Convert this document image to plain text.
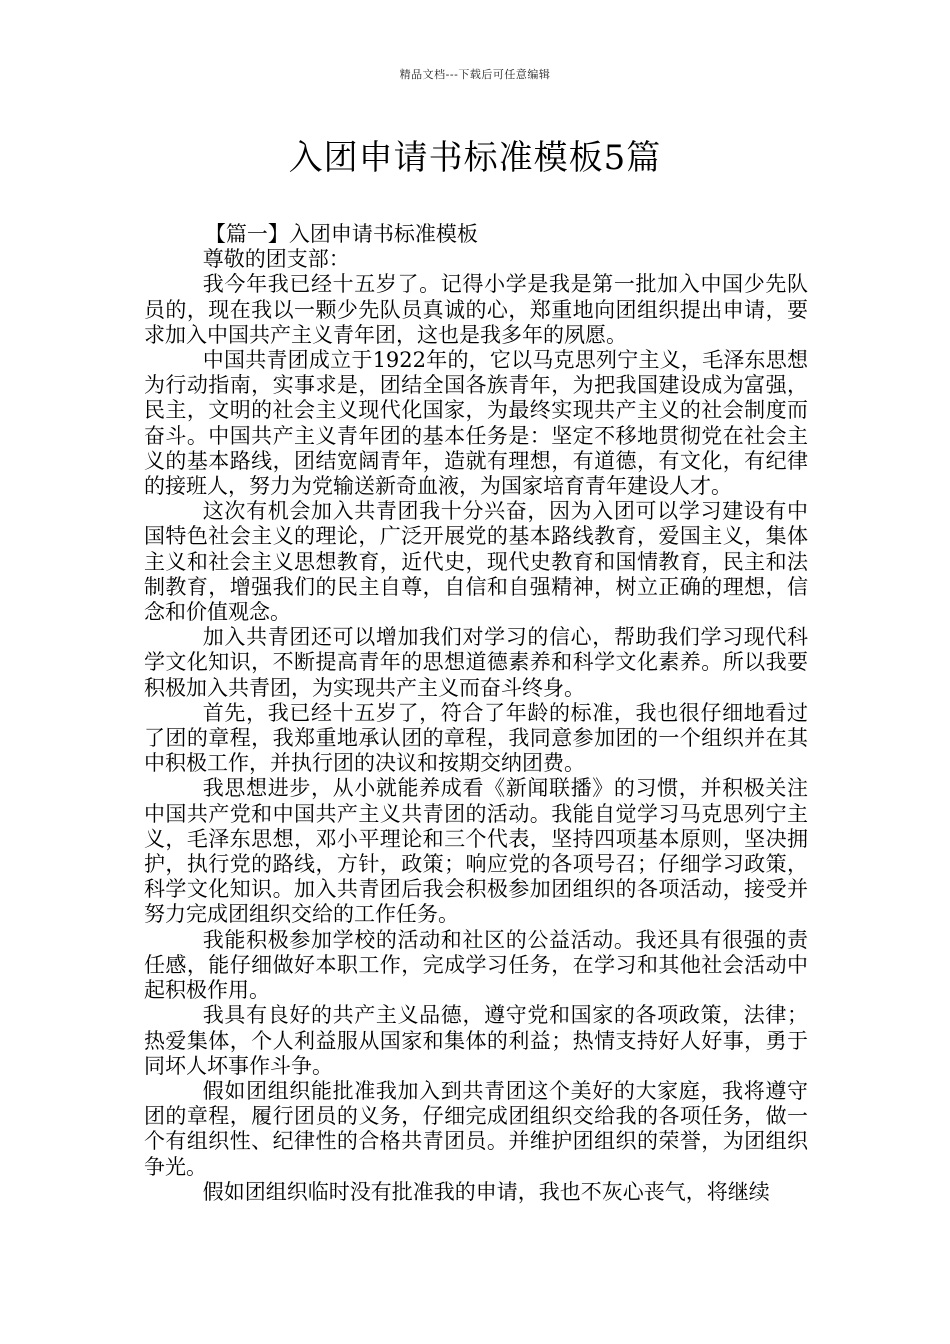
精品文档---下载后可任意编辑
入团申请书标准模板5篇

【篇一】入团申请书标准模板

尊敬的团支部：

我今年我已经十五岁了。记得小学是我是第一批加入中国少先队员的，现在我以一颗少先队员真诚的心，郑重地向团组织提出申请，要求加入中国共产主义青年团，这也是我多年的夙愿。

中国共青团成立于1922年的，它以马克思列宁主义，毛泽东思想为行动指南，实事求是，团结全国各族青年，为把我国建设成为富强，民主，文明的社会主义现代化国家，为最终实现共产主义的社会制度而奋斗。中国共产主义青年团的基本任务是：坚定不移地贯彻党在社会主义的基本路线，团结宽阔青年，造就有理想，有道德，有文化，有纪律的接班人，努力为党输送新奇血液，为国家培育青年建设人才。

这次有机会加入共青团我十分兴奋，因为入团可以学习建设有中国特色社会主义的理论，广泛开展党的基本路线教育，爱国主义，集体主义和社会主义思想教育，近代史，现代史教育和国情教育，民主和法制教育，增强我们的民主自尊，自信和自强精神，树立正确的理想，信念和价值观念。

加入共青团还可以增加我们对学习的信心，帮助我们学习现代科学文化知识，不断提高青年的思想道德素养和科学文化素养。所以我要积极加入共青团，为实现共产主义而奋斗终身。

首先，我已经十五岁了，符合了年龄的标准，我也很仔细地看过了团的章程，我郑重地承认团的章程，我同意参加团的一个组织并在其中积极工作，并执行团的决议和按期交纳团费。

我思想进步，从小就能养成看《新闻联播》的习惯，并积极关注中国共产党和中国共产主义共青团的活动。我能自觉学习马克思列宁主义，毛泽东思想，邓小平理论和三个代表，坚持四项基本原则，坚决拥护，执行党的路线，方针，政策；响应党的各项号召；仔细学习政策，科学文化知识。加入共青团后我会积极参加团组织的各项活动，接受并努力完成团组织交给的工作任务。

我能积极参加学校的活动和社区的公益活动。我还具有很强的责任感，能仔细做好本职工作，完成学习任务，在学习和其他社会活动中起积极作用。

我具有良好的共产主义品德，遵守党和国家的各项政策，法律；热爱集体，个人利益服从国家和集体的利益；热情支持好人好事，勇于同坏人坏事作斗争。

假如团组织能批准我加入到共青团这个美好的大家庭，我将遵守团的章程，履行团员的义务，仔细完成团组织交给我的各项任务，做一个有组织性、纪律性的合格共青团员。并维护团组织的荣誉，为团组织争光。

假如团组织临时没有批准我的申请，我也不灰心丧气，将继续
